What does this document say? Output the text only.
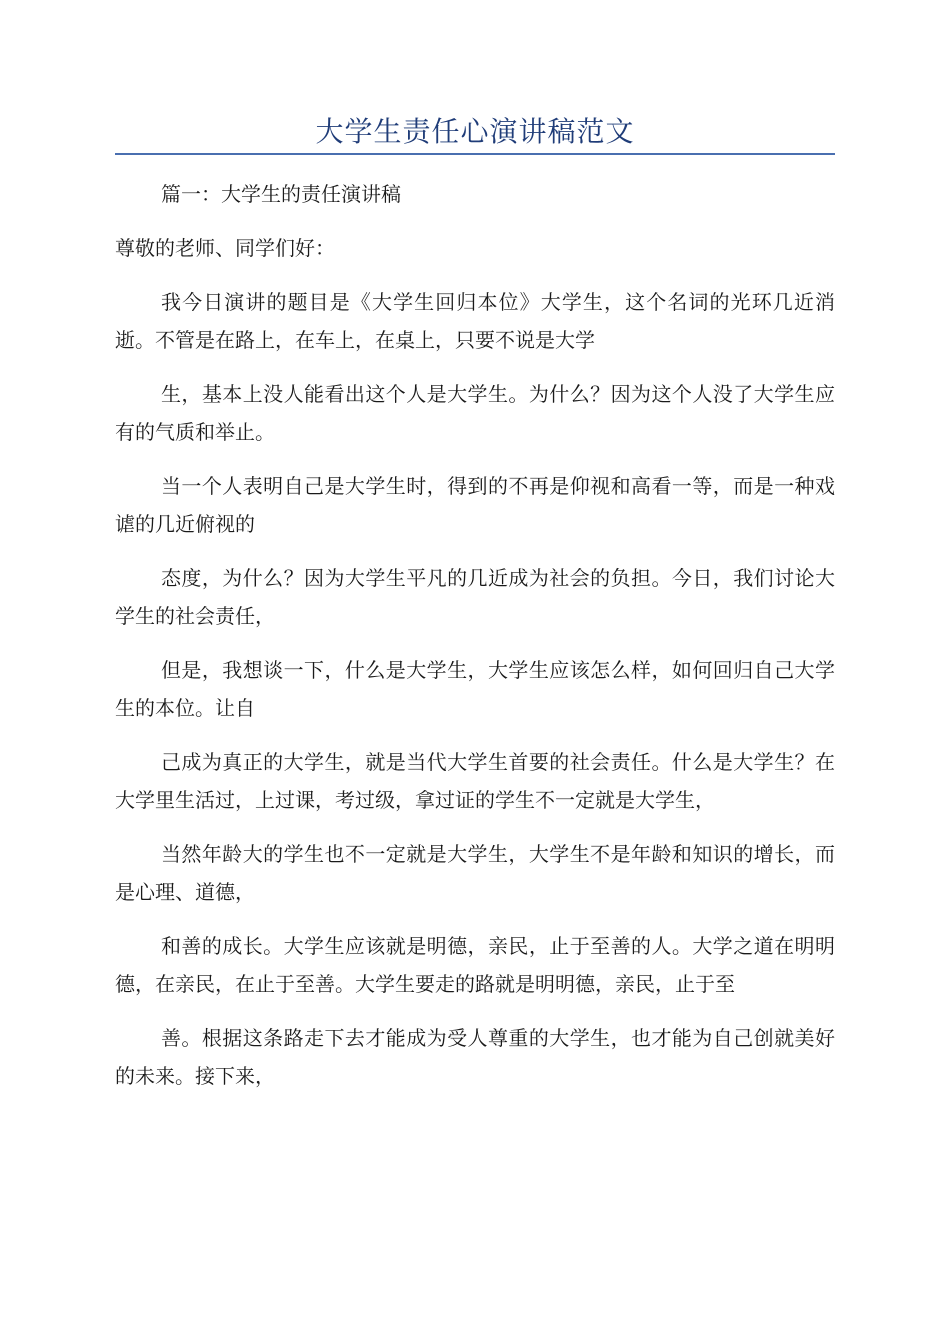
大学生责任心演讲稿范文

篇一：大学生的责任演讲稿

尊敬的老师、同学们好：

我今日演讲的题目是《大学生回归本位》大学生，这个名词的光环几近消逝。不管是在路上，在车上，在桌上，只要不说是大学

生，基本上没人能看出这个人是大学生。为什么？因为这个人没了大学生应有的气质和举止。

当一个人表明自己是大学生时，得到的不再是仰视和高看一等，而是一种戏谑的几近俯视的

态度，为什么？因为大学生平凡的几近成为社会的负担。今日，我们讨论大学生的社会责任，

但是，我想谈一下，什么是大学生，大学生应该怎么样，如何回归自己大学生的本位。让自

己成为真正的大学生，就是当代大学生首要的社会责任。什么是大学生？在大学里生活过，上过课，考过级，拿过证的学生不一定就是大学生，

当然年龄大的学生也不一定就是大学生，大学生不是年龄和知识的增长，而是心理、道德，

和善的成长。大学生应该就是明德，亲民，止于至善的人。大学之道在明明德，在亲民，在止于至善。大学生要走的路就是明明德，亲民，止于至

善。根据这条路走下去才能成为受人尊重的大学生，也才能为自己创就美好的未来。接下来，
